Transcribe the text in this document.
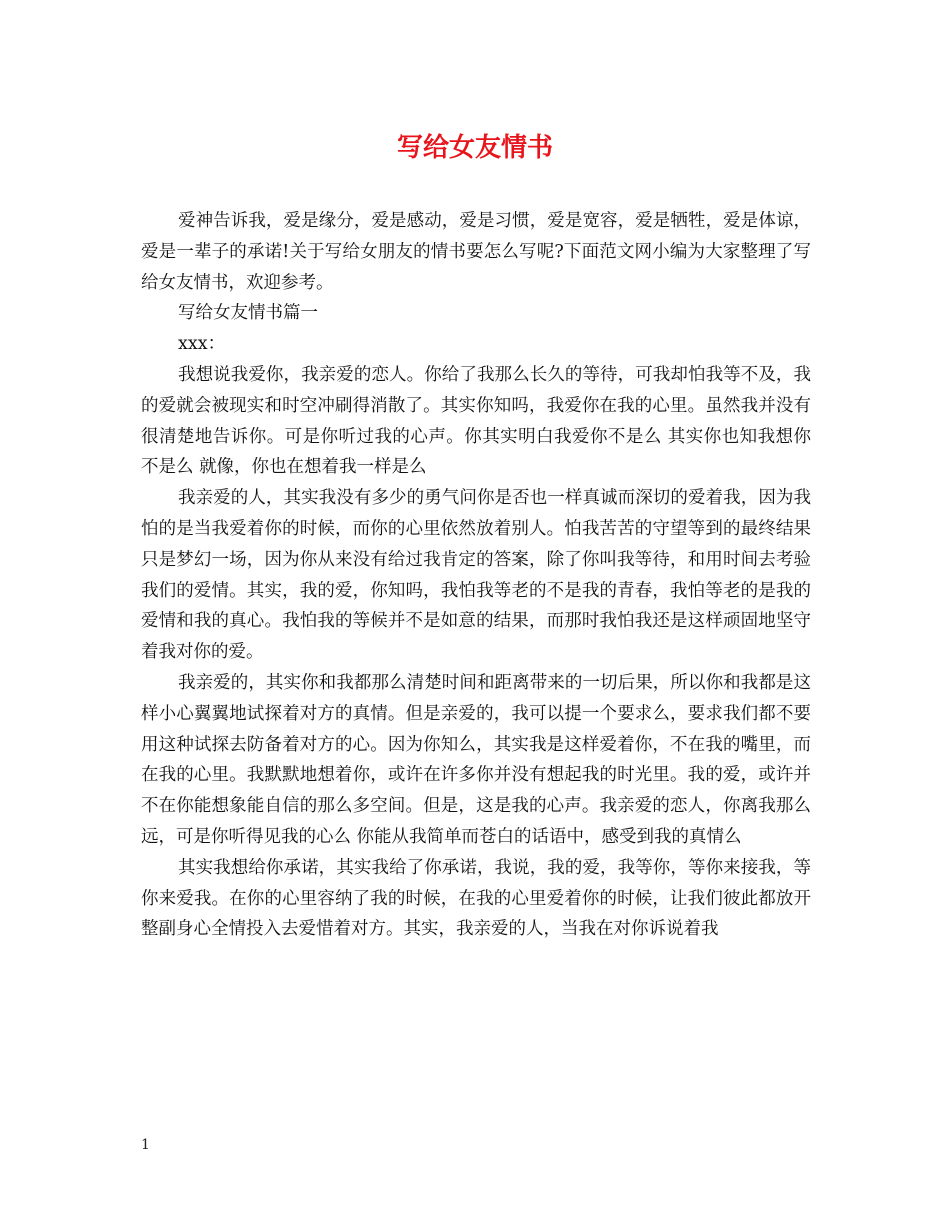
写给女友情书

爱神告诉我，爱是缘分，爱是感动，爱是习惯，爱是宽容，爱是牺牲，爱是体谅，爱是一辈子的承诺!关于写给女朋友的情书要怎么写呢?下面范文网小编为大家整理了写给女友情书，欢迎参考。

写给女友情书篇一

xxx：

我想说我爱你，我亲爱的恋人。你给了我那么长久的等待，可我却怕我等不及，我的爱就会被现实和时空冲刷得消散了。其实你知吗，我爱你在我的心里。虽然我并没有很清楚地告诉你。可是你听过我的心声。你其实明白我爱你不是么 其实你也知我想你不是么 就像，你也在想着我一样是么

我亲爱的人，其实我没有多少的勇气问你是否也一样真诚而深切的爱着我，因为我怕的是当我爱着你的时候，而你的心里依然放着别人。怕我苦苦的守望等到的最终结果只是梦幻一场，因为你从来没有给过我肯定的答案，除了你叫我等待，和用时间去考验我们的爱情。其实，我的爱，你知吗，我怕我等老的不是我的青春，我怕等老的是我的爱情和我的真心。我怕我的等候并不是如意的结果，而那时我怕我还是这样顽固地坚守着我对你的爱。

我亲爱的，其实你和我都那么清楚时间和距离带来的一切后果，所以你和我都是这样小心翼翼地试探着对方的真情。但是亲爱的，我可以提一个要求么，要求我们都不要用这种试探去防备着对方的心。因为你知么，其实我是这样爱着你，不在我的嘴里，而在我的心里。我默默地想着你，或许在许多你并没有想起我的时光里。我的爱，或许并不在你能想象能自信的那么多空间。但是，这是我的心声。我亲爱的恋人，你离我那么远，可是你听得见我的心么 你能从我简单而苍白的话语中，感受到我的真情么

其实我想给你承诺，其实我给了你承诺，我说，我的爱，我等你，等你来接我，等你来爱我。在你的心里容纳了我的时候，在我的心里爱着你的时候，让我们彼此都放开整副身心全情投入去爱惜着对方。其实，我亲爱的人，当我在对你诉说着我

1
